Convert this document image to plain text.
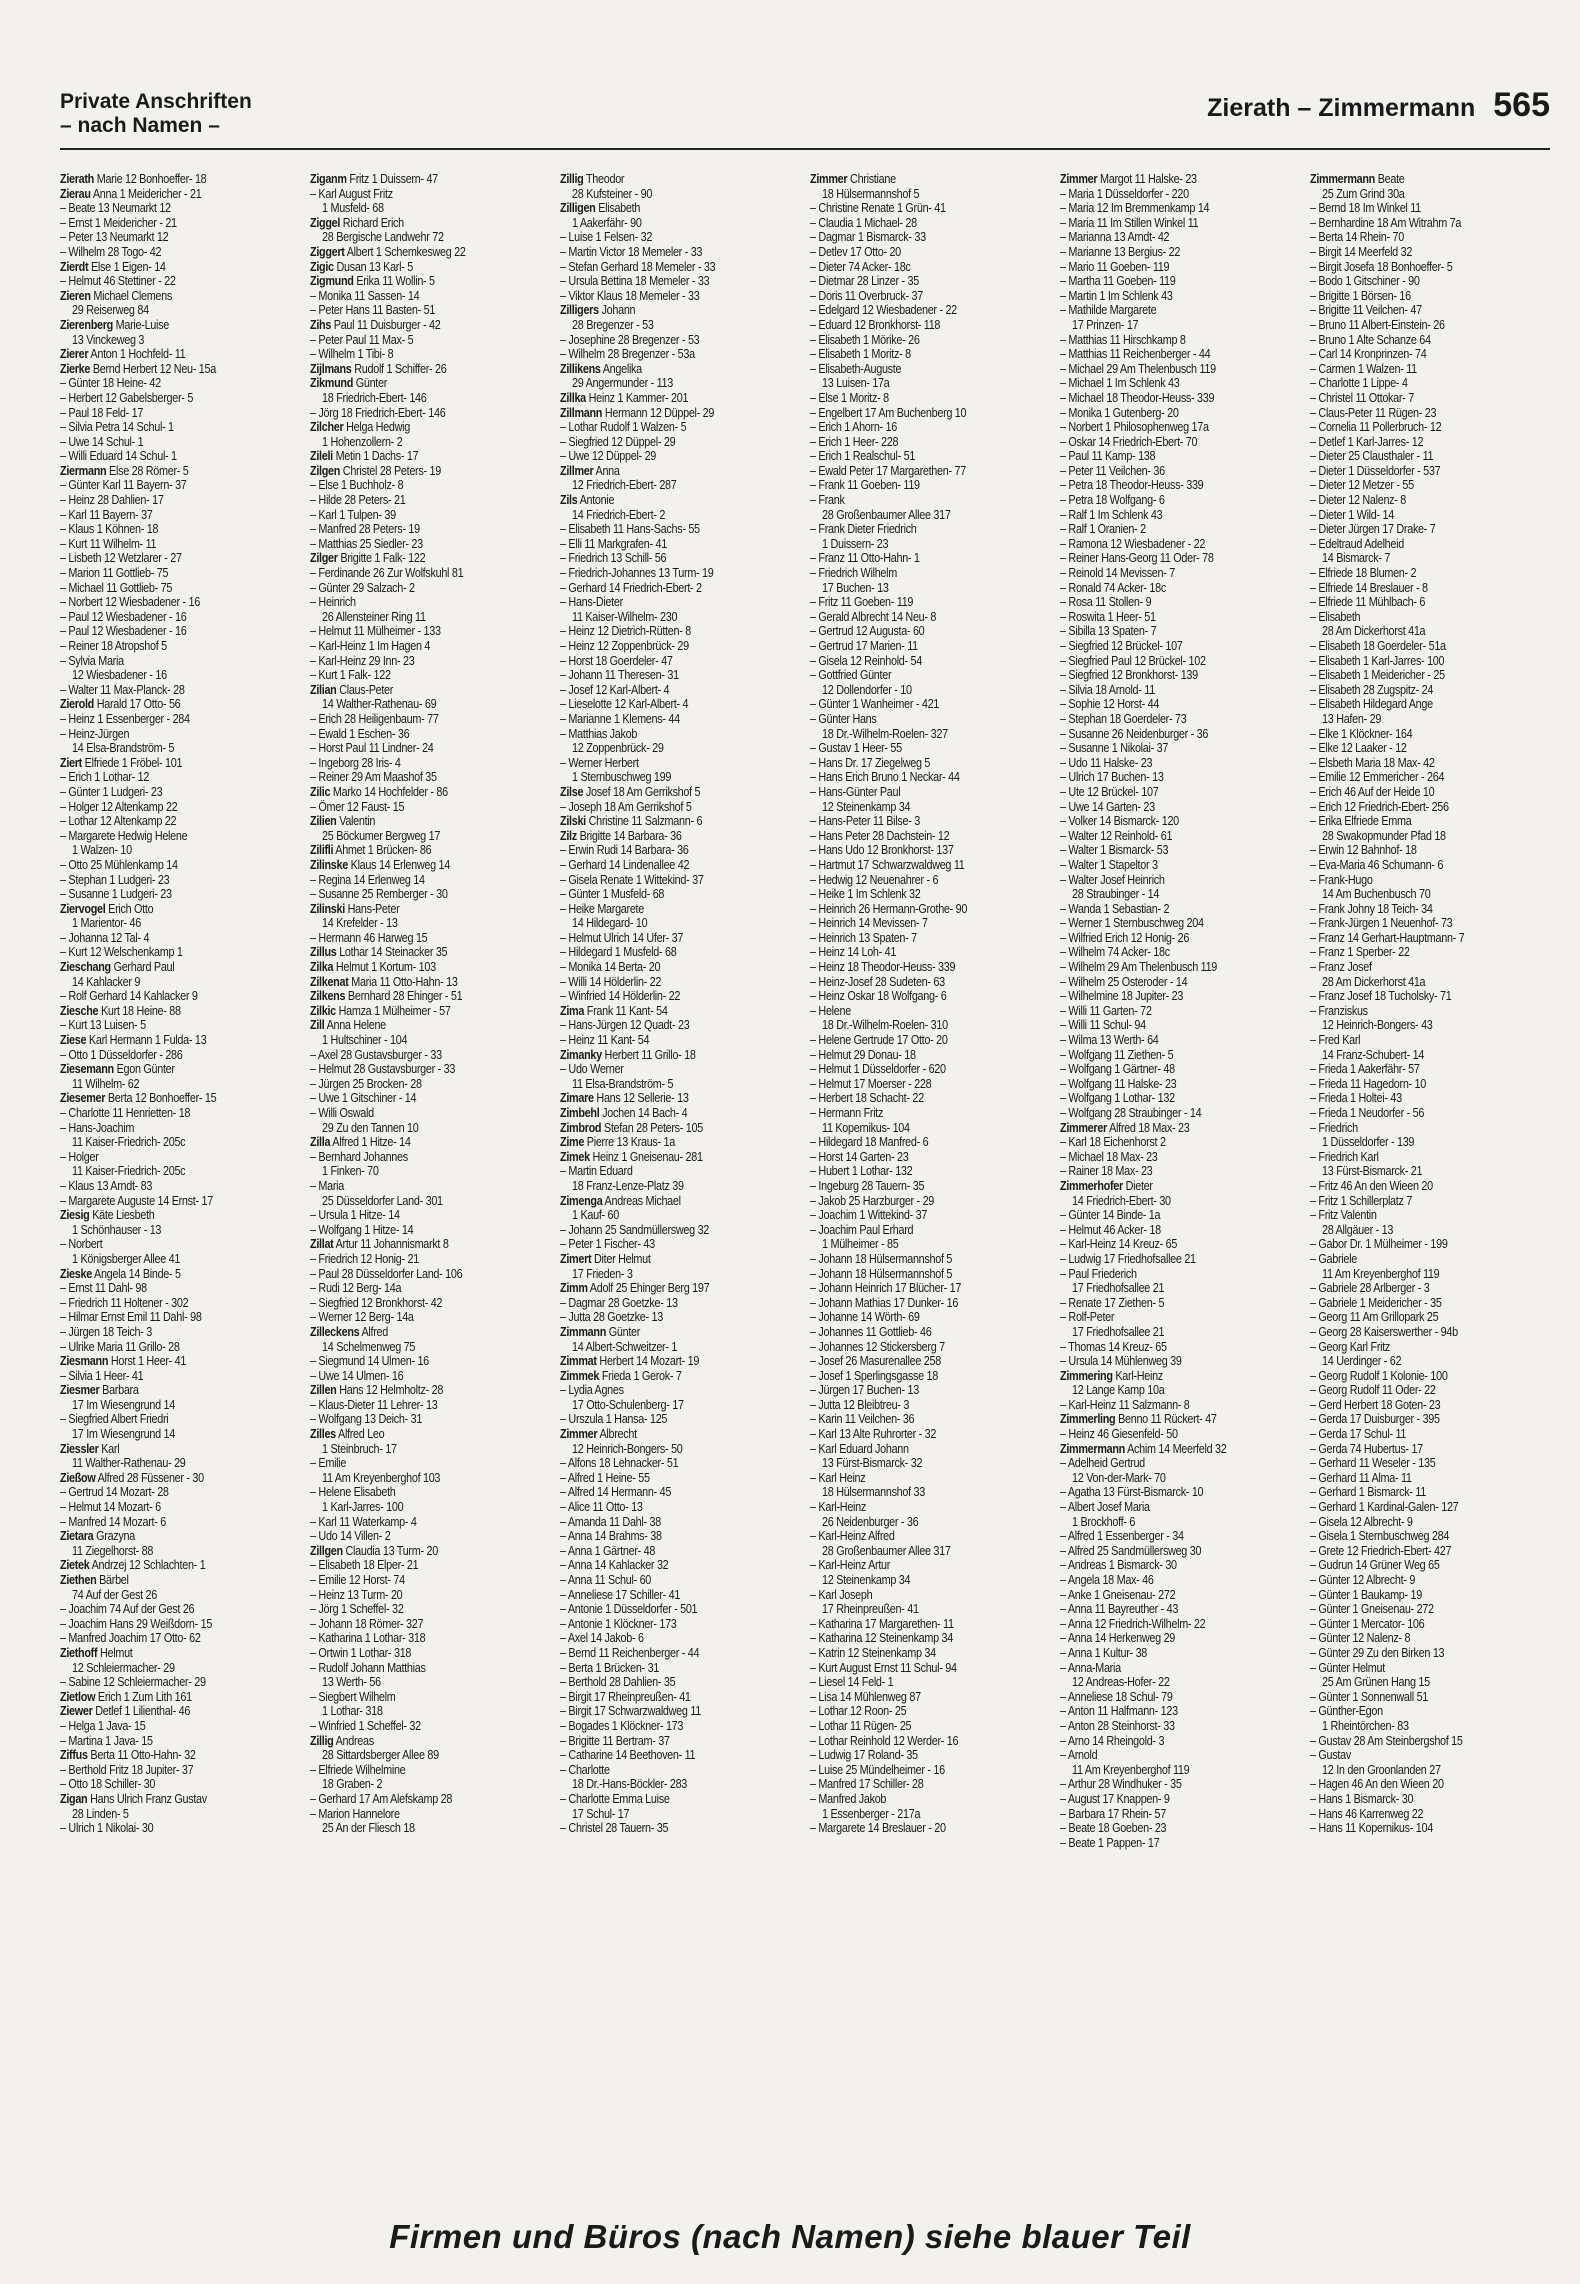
Private Anschriften
– nach Namen –
Zierath – Zimmermann 565
Zierath Marie 12 Bonhoeffer- 18
Zierau Anna 1 Meidericher - 21
– Beate 13 Neumarkt 12
– Ernst 1 Meidericher - 21
– Peter 13 Neumarkt 12
– Wilhelm 28 Togo- 42
Zierdt Else 1 Eigen- 14
– Helmut 46 Stettiner - 22
Zieren Michael Clemens
29 Reiserweg 84
Zierenberg Marie-Luise
13 Vinckeweg 3
Zierer Anton 1 Hochfeld- 11
Zierke Bernd Herbert 12 Neu- 15a
– Günter 18 Heine- 42
– Herbert 12 Gabelsberger- 5
– Paul 18 Feld- 17
– Silvia Petra 14 Schul- 1
– Uwe 14 Schul- 1
– Willi Eduard 14 Schul- 1
Ziermann Else 28 Römer- 5
– Günter Karl 11 Bayern- 37
– Heinz 28 Dahlien- 17
– Karl 11 Bayern- 37
– Klaus 1 Köhnen- 18
– Kurt 11 Wilhelm- 11
– Lisbeth 12 Wetzlarer - 27
– Marion 11 Gottlieb- 75
– Michael 11 Gottlieb- 75
– Norbert 12 Wiesbadener - 16
– Paul 12 Wiesbadener - 16
– Paul 12 Wiesbadener - 16
– Reiner 18 Atropshof 5
– Sylvia Maria
12 Wiesbadener - 16
– Walter 11 Max-Planck- 28
Zierold Harald 17 Otto- 56
– Heinz 1 Essenberger - 284
– Heinz-Jürgen
14 Elsa-Brandström- 5
Ziert Elfriede 1 Fröbel- 101
– Erich 1 Lothar- 12
– Günter 1 Ludgeri- 23
– Holger 12 Altenkamp 22
– Lothar 12 Altenkamp 22
– Margarete Hedwig Helene
1 Walzen- 10
– Otto 25 Mühlenkamp 14
– Stephan 1 Ludgeri- 23
– Susanne 1 Ludgeri- 23
Ziervogel Erich Otto
1 Marientor- 46
– Johanna 12 Tal- 4
– Kurt 12 Welschenkamp 1
Zieschang Gerhard Paul
14 Kahlacker 9
– Rolf Gerhard 14 Kahlacker 9
Ziesche Kurt 18 Heine- 88
– Kurt 13 Luisen- 5
Ziese Karl Hermann 1 Fulda- 13
– Otto 1 Düsseldorfer - 286
Ziesemann Egon Günter
11 Wilhelm- 62
Ziesemer Berta 12 Bonhoeffer- 15
– Charlotte 11 Henrietten- 18
– Hans-Joachim
11 Kaiser-Friedrich- 205c
– Holger
11 Kaiser-Friedrich- 205c
– Klaus 13 Arndt- 83
– Margarete Auguste 14 Ernst- 17
Ziesig Käte Liesbeth
1 Schönhauser - 13
– Norbert
1 Königsberger Allee 41
Zieske Angela 14 Binde- 5
– Ernst 11 Dahl- 98
– Friedrich 11 Holtener - 302
– Hilmar Ernst Emil 11 Dahl- 98
– Jürgen 18 Teich- 3
– Ulrike Maria 11 Grillo- 28
Ziesmann Horst 1 Heer- 41
– Silvia 1 Heer- 41
Ziesmer Barbara
17 Im Wiesengrund 14
– Siegfried Albert Friedri
17 Im Wiesengrund 14
Ziessler Karl
11 Walther-Rathenau- 29
Zießow Alfred 28 Füssener - 30
– Gertrud 14 Mozart- 28
– Helmut 14 Mozart- 6
– Manfred 14 Mozart- 6
Zietara Grazyna
11 Ziegelhorst- 88
Zietek Andrzej 12 Schlachten- 1
Ziethen Bärbel
74 Auf der Gest 26
– Joachim 74 Auf der Gest 26
– Joachim Hans 29 Weißdorn- 15
– Manfred Joachim 17 Otto- 62
Ziethoff Helmut
12 Schleiermacher- 29
– Sabine 12 Schleiermacher- 29
Zietlow Erich 1 Zum Lith 161
Ziewer Detlef 1 Lilienthal- 46
– Helga 1 Java- 15
– Martina 1 Java- 15
Ziffus Berta 11 Otto-Hahn- 32
– Berthold Fritz 18 Jupiter- 37
– Otto 18 Schiller- 30
Zigan Hans Ulrich Franz Gustav
28 Linden- 5
– Ulrich 1 Nikolai- 30
Ziganm Fritz 1 Duissern- 47
– Karl August Fritz
1 Musfeld- 68
Ziggel Richard Erich
28 Bergische Landwehr 72
Ziggert Albert 1 Schemkesweg 22
Zigic Dusan 13 Karl- 5
Zigmund Erika 11 Wollin- 5
– Monika 11 Sassen- 14
– Peter Hans 11 Basten- 51
Zihs Paul 11 Duisburger - 42
– Peter Paul 11 Max- 5
– Wilhelm 1 Tibi- 8
Zijlmans Rudolf 1 Schiffer- 26
Zikmund Günter
18 Friedrich-Ebert- 146
– Jörg 18 Friedrich-Ebert- 146
Zilcher Helga Hedwig
1 Hohenzollern- 2
Zileli Metin 1 Dachs- 17
Zilgen Christel 28 Peters- 19
– Else 1 Buchholz- 8
– Hilde 28 Peters- 21
– Karl 1 Tulpen- 39
– Manfred 28 Peters- 19
– Matthias 25 Siedler- 23
Zilger Brigitte 1 Falk- 122
– Ferdinande 26 Zur Wolfskuhl 81
– Günter 29 Salzach- 2
– Heinrich
26 Allensteiner Ring 11
– Helmut 11 Mülheimer - 133
– Karl-Heinz 1 Im Hagen 4
– Karl-Heinz 29 Inn- 23
– Kurt 1 Falk- 122
Zilian Claus-Peter
14 Walther-Rathenau- 69
– Erich 28 Heiligenbaum- 77
– Ewald 1 Eschen- 36
– Horst Paul 11 Lindner- 24
– Ingeborg 28 Iris- 4
– Reiner 29 Am Maashof 35
Zilic Marko 14 Hochfelder - 86
– Ömer 12 Faust- 15
Zilien Valentin
25 Böckumer Bergweg 17
Zilifli Ahmet 1 Brücken- 86
Zilinske Klaus 14 Erlenweg 14
– Regina 14 Erlenweg 14
– Susanne 25 Remberger - 30
Zilinski Hans-Peter
14 Krefelder - 13
– Hermann 46 Harweg 15
Zillus Lothar 14 Steinacker 35
Zilka Helmut 1 Kortum- 103
Zilkenat Maria 11 Otto-Hahn- 13
Zilkens Bernhard 28 Ehinger - 51
Zilkic Hamza 1 Mülheimer - 57
Zill Anna Helene
1 Hultschiner - 104
– Axel 28 Gustavsburger - 33
– Helmut 28 Gustavsburger - 33
– Jürgen 25 Brocken- 28
– Uwe 1 Gitschiner - 14
– Willi Oswald
29 Zu den Tannen 10
Zilla Alfred 1 Hitze- 14
– Bernhard Johannes
1 Finken- 70
– Maria
25 Düsseldorfer Land- 301
– Ursula 1 Hitze- 14
– Wolfgang 1 Hitze- 14
Zillat Artur 11 Johannismarkt 8
– Friedrich 12 Honig- 21
– Paul 28 Düsseldorfer Land- 106
– Rudi 12 Berg- 14a
– Siegfried 12 Bronkhorst- 42
– Werner 12 Berg- 14a
Zilleckens Alfred
14 Schelmenweg 75
– Siegmund 14 Ulmen- 16
– Uwe 14 Ulmen- 16
Zillen Hans 12 Helmholtz- 28
– Klaus-Dieter 11 Lehrer- 13
– Wolfgang 13 Deich- 31
Zilles Alfred Leo
1 Steinbruch- 17
– Emilie
11 Am Kreyenberghof 103
– Helene Elisabeth
1 Karl-Jarres- 100
– Karl 11 Waterkamp- 4
– Udo 14 Villen- 2
Zillgen Claudia 13 Turm- 20
– Elisabeth 18 Elper- 21
– Emilie 12 Horst- 74
– Heinz 13 Turm- 20
– Jörg 1 Scheffel- 32
– Johann 18 Römer- 327
– Katharina 1 Lothar- 318
– Ortwin 1 Lothar- 318
– Rudolf Johann Matthias
13 Werth- 56
– Siegbert Wilhelm
1 Lothar- 318
– Winfried 1 Scheffel- 32
Zillig Andreas
28 Sittardsberger Allee 89
– Elfriede Wilhelmine
18 Graben- 2
– Gerhard 17 Am Alefskamp 28
– Marion Hannelore
25 An der Fliesch 18
Zillig Theodor
28 Kufsteiner - 90
Zilligen Elisabeth
1 Aakerfähr- 90
– Luise 1 Felsen- 32
– Martin Victor 18 Memeler - 33
– Stefan Gerhard 18 Memeler - 33
– Ursula Bettina 18 Memeler - 33
– Viktor Klaus 18 Memeler - 33
Zilligers Johann
28 Bregenzer - 53
– Josephine 28 Bregenzer - 53
– Wilhelm 28 Bregenzer - 53a
Zillikens Angelika
29 Angermunder - 113
Zillka Heinz 1 Kammer- 201
Zillmann Hermann 12 Düppel- 29
– Lothar Rudolf 1 Walzen- 5
– Siegfried 12 Düppel- 29
– Uwe 12 Düppel- 29
Zillmer Anna
12 Friedrich-Ebert- 287
Zils Antonie
14 Friedrich-Ebert- 2
– Elisabeth 11 Hans-Sachs- 55
– Elli 11 Markgrafen- 41
– Friedrich 13 Schill- 56
– Friedrich-Johannes 13 Turm- 19
– Gerhard 14 Friedrich-Ebert- 2
– Hans-Dieter
11 Kaiser-Wilhelm- 230
– Heinz 12 Dietrich-Rütten- 8
– Heinz 12 Zoppenbrück- 29
– Horst 18 Goerdeler- 47
– Johann 11 Theresen- 31
– Josef 12 Karl-Albert- 4
– Lieselotte 12 Karl-Albert- 4
– Marianne 1 Klemens- 44
– Matthias Jakob
12 Zoppenbrück- 29
– Werner Herbert
1 Sternbuschweg 199
Zilse Josef 18 Am Gerrikshof 5
– Joseph 18 Am Gerrikshof 5
Zilski Christine 11 Salzmann- 6
Zilz Brigitte 14 Barbara- 36
– Erwin Rudi 14 Barbara- 36
– Gerhard 14 Lindenallee 42
– Gisela Renate 1 Wittekind- 37
– Günter 1 Musfeld- 68
– Heike Margarete
14 Hildegard- 10
– Helmut Ulrich 14 Ufer- 37
– Hildegard 1 Musfeld- 68
– Monika 14 Berta- 20
– Willi 14 Hölderlin- 22
– Winfried 14 Hölderlin- 22
Zima Frank 11 Kant- 54
– Hans-Jürgen 12 Quadt- 23
– Heinz 11 Kant- 54
Zimanky Herbert 11 Grillo- 18
– Udo Werner
11 Elsa-Brandström- 5
Zimare Hans 12 Sellerie- 13
Zimbehl Jochen 14 Bach- 4
Zimbrod Stefan 28 Peters- 105
Zime Pierre 13 Kraus- 1a
Zimek Heinz 1 Gneisenau- 281
– Martin Eduard
18 Franz-Lenze-Platz 39
Zimenga Andreas Michael
1 Kauf- 60
– Johann 25 Sandmüllersweg 32
– Peter 1 Fischer- 43
Zimert Diter Helmut
17 Frieden- 3
Zimm Adolf 25 Ehinger Berg 197
– Dagmar 28 Goetzke- 13
– Jutta 28 Goetzke- 13
Zimmann Günter
14 Albert-Schweitzer- 1
Zimmat Herbert 14 Mozart- 19
Zimmek Frieda 1 Gerok- 7
– Lydia Agnes
17 Otto-Schulenberg- 17
– Urszula 1 Hansa- 125
Zimmer Albrecht
12 Heinrich-Bongers- 50
– Alfons 18 Lehnacker- 51
– Alfred 1 Heine- 55
– Alfred 14 Hermann- 45
– Alice 11 Otto- 13
– Amanda 11 Dahl- 38
– Anna 14 Brahms- 38
– Anna 1 Gärtner- 48
– Anna 14 Kahlacker 32
– Anna 11 Schul- 60
– Anneliese 17 Schiller- 41
– Antonie 1 Düsseldorfer - 501
– Antonie 1 Klöckner- 173
– Axel 14 Jakob- 6
– Bernd 11 Reichenberger - 44
– Berta 1 Brücken- 31
– Berthold 28 Dahlien- 35
– Birgit 17 Rheinpreußen- 41
– Birgit 17 Schwarzwaldweg 11
– Bogades 1 Klöckner- 173
– Brigitte 11 Bertram- 37
– Catharine 14 Beethoven- 11
– Charlotte
18 Dr.-Hans-Böckler- 283
– Charlotte Emma Luise
17 Schul- 17
– Christel 28 Tauern- 35
Zimmer Christiane
18 Hülsermannshof 5
– Christine Renate 1 Grün- 41
– Claudia 1 Michael- 28
– Dagmar 1 Bismarck- 33
– Detlev 17 Otto- 20
– Dieter 74 Acker- 18c
– Dietmar 28 Linzer - 35
– Doris 11 Overbruck- 37
– Edelgard 12 Wiesbadener - 22
– Eduard 12 Bronkhorst- 118
– Elisabeth 1 Mörike- 26
– Elisabeth 1 Moritz- 8
– Elisabeth-Auguste
13 Luisen- 17a
– Else 1 Moritz- 8
– Engelbert 17 Am Buchenberg 10
– Erich 1 Ahorn- 16
– Erich 1 Heer- 228
– Erich 1 Realschul- 51
– Ewald Peter 17 Margarethen- 77
– Frank 11 Goeben- 119
– Frank
28 Großenbaumer Allee 317
– Frank Dieter Friedrich
1 Duissern- 23
– Franz 11 Otto-Hahn- 1
– Friedrich Wilhelm
17 Buchen- 13
– Fritz 11 Goeben- 119
– Gerald Albrecht 14 Neu- 8
– Gertrud 12 Augusta- 60
– Gertrud 17 Marien- 11
– Gisela 12 Reinhold- 54
– Gottfried Günter
12 Dollendorfer - 10
– Günter 1 Wanheimer - 421
– Günter Hans
18 Dr.-Wilhelm-Roelen- 327
– Gustav 1 Heer- 55
– Hans Dr. 17 Ziegelweg 5
– Hans Erich Bruno 1 Neckar- 44
– Hans-Günter Paul
12 Steinenkamp 34
– Hans-Peter 11 Bilse- 3
– Hans Peter 28 Dachstein- 12
– Hans Udo 12 Bronkhorst- 137
– Hartmut 17 Schwarzwaldweg 11
– Hedwig 12 Neuenahrer - 6
– Heike 1 Im Schlenk 32
– Heinrich 26 Hermann-Grothe- 90
– Heinrich 14 Mevissen- 7
– Heinrich 13 Spaten- 7
– Heinz 14 Loh- 41
– Heinz 18 Theodor-Heuss- 339
– Heinz-Josef 28 Sudeten- 63
– Heinz Oskar 18 Wolfgang- 6
– Helene
18 Dr.-Wilhelm-Roelen- 310
– Helene Gertrude 17 Otto- 20
– Helmut 29 Donau- 18
– Helmut 1 Düsseldorfer - 620
– Helmut 17 Moerser - 228
– Herbert 18 Schacht- 22
– Hermann Fritz
11 Kopernikus- 104
– Hildegard 18 Manfred- 6
– Horst 14 Garten- 23
– Hubert 1 Lothar- 132
– Ingeburg 28 Tauern- 35
– Jakob 25 Harzburger - 29
– Joachim 1 Wittekind- 37
– Joachim Paul Erhard
1 Mülheimer - 85
– Johann 18 Hülsermannshof 5
– Johann 18 Hülsermannshof 5
– Johann Heinrich 17 Blücher- 17
– Johann Mathias 17 Dunker- 16
– Johanne 14 Wörth- 69
– Johannes 11 Gottlieb- 46
– Johannes 12 Stickersberg 7
– Josef 26 Masurenallee 258
– Josef 1 Sperlingsgasse 18
– Jürgen 17 Buchen- 13
– Jutta 12 Bleibtreu- 3
– Karin 11 Veilchen- 36
– Karl 13 Alte Ruhrorter - 32
– Karl Eduard Johann
13 Fürst-Bismarck- 32
– Karl Heinz
18 Hülsermannshof 33
– Karl-Heinz
26 Neidenburger - 36
– Karl-Heinz Alfred
28 Großenbaumer Allee 317
– Karl-Heinz Artur
12 Steinenkamp 34
– Karl Joseph
17 Rheinpreußen- 41
– Katharina 17 Margarethen- 11
– Katharina 12 Steinenkamp 34
– Katrin 12 Steinenkamp 34
– Kurt August Ernst 11 Schul- 94
– Liesel 14 Feld- 1
– Lisa 14 Mühlenweg 87
– Lothar 12 Roon- 25
– Lothar 11 Rügen- 25
– Lothar Reinhold 12 Werder- 16
– Ludwig 17 Roland- 35
– Luise 25 Mündelheimer - 16
– Manfred 17 Schiller- 28
– Manfred Jakob
1 Essenberger - 217a
– Margarete 14 Breslauer - 20
Zimmer Margot 11 Halske- 23
– Maria 1 Düsseldorfer - 220
– Maria 12 Im Bremmenkamp 14
– Maria 11 Im Stillen Winkel 11
– Marianna 13 Arndt- 42
– Marianne 13 Bergius- 22
– Mario 11 Goeben- 119
– Martha 11 Goeben- 119
– Martin 1 Im Schlenk 43
– Mathilde Margarete
17 Prinzen- 17
– Matthias 11 Hirschkamp 8
– Matthias 11 Reichenberger - 44
– Michael 29 Am Thelenbusch 119
– Michael 1 Im Schlenk 43
– Michael 18 Theodor-Heuss- 339
– Monika 1 Gutenberg- 20
– Norbert 1 Philosophenweg 17a
– Oskar 14 Friedrich-Ebert- 70
– Paul 11 Kamp- 138
– Peter 11 Veilchen- 36
– Petra 18 Theodor-Heuss- 339
– Petra 18 Wolfgang- 6
– Ralf 1 Im Schlenk 43
– Ralf 1 Oranien- 2
– Ramona 12 Wiesbadener - 22
– Reiner Hans-Georg 11 Oder- 78
– Reinold 14 Mevissen- 7
– Ronald 74 Acker- 18c
– Rosa 11 Stollen- 9
– Roswita 1 Heer- 51
– Sibilla 13 Spaten- 7
– Siegfried 12 Brückel- 107
– Siegfried Paul 12 Brückel- 102
– Siegfried 12 Bronkhorst- 139
– Silvia 18 Arnold- 11
– Sophie 12 Horst- 44
– Stephan 18 Goerdeler- 73
– Susanne 26 Neidenburger - 36
– Susanne 1 Nikolai- 37
– Udo 11 Halske- 23
– Ulrich 17 Buchen- 13
– Ute 12 Brückel- 107
– Uwe 14 Garten- 23
– Volker 14 Bismarck- 120
– Walter 12 Reinhold- 61
– Walter 1 Bismarck- 53
– Walter 1 Stapeltor 3
– Walter Josef Heinrich
28 Straubinger - 14
– Wanda 1 Sebastian- 2
– Werner 1 Sternbuschweg 204
– Wilfried Erich 12 Honig- 26
– Wilhelm 74 Acker- 18c
– Wilhelm 29 Am Thelenbusch 119
– Wilhelm 25 Osteroder - 14
– Wilhelmine 18 Jupiter- 23
– Willi 11 Garten- 72
– Willi 11 Schul- 94
– Wilma 13 Werth- 64
– Wolfgang 11 Ziethen- 5
– Wolfgang 1 Gärtner- 48
– Wolfgang 11 Halske- 23
– Wolfgang 1 Lothar- 132
– Wolfgang 28 Straubinger - 14
Zimmerer Alfred 18 Max- 23
– Karl 18 Eichenhorst 2
– Michael 18 Max- 23
– Rainer 18 Max- 23
Zimmerhofer Dieter
14 Friedrich-Ebert- 30
– Günter 14 Binde- 1a
– Helmut 46 Acker- 18
– Karl-Heinz 14 Kreuz- 65
– Ludwig 17 Friedhofsallee 21
– Paul Friederich
17 Friedhofsallee 21
– Renate 17 Ziethen- 5
– Rolf-Peter
17 Friedhofsallee 21
– Thomas 14 Kreuz- 65
– Ursula 14 Mühlenweg 39
Zimmering Karl-Heinz
12 Lange Kamp 10a
– Karl-Heinz 11 Salzmann- 8
Zimmerling Benno 11 Rückert- 47
– Heinz 46 Giesenfeld- 50
Zimmermann Achim 14 Meerfeld 32
– Adelheid Gertrud
12 Von-der-Mark- 70
– Agatha 13 Fürst-Bismarck- 10
– Albert Josef Maria
1 Brockhoff- 6
– Alfred 1 Essenberger - 34
– Alfred 25 Sandmüllersweg 30
– Andreas 1 Bismarck- 30
– Angela 18 Max- 46
– Anke 1 Gneisenau- 272
– Anna 11 Bayreuther - 43
– Anna 12 Friedrich-Wilhelm- 22
– Anna 14 Herkenweg 29
– Anna 1 Kultur- 38
– Anna-Maria
12 Andreas-Hofer- 22
– Anneliese 18 Schul- 79
– Anton 11 Halfmann- 123
– Anton 28 Steinhorst- 33
– Arno 14 Rheingold- 3
– Arnold
11 Am Kreyenberghof 119
– Arthur 28 Windhuker - 35
– August 17 Knappen- 9
– Barbara 17 Rhein- 57
– Beate 18 Goeben- 23
– Beate 1 Pappen- 17
Zimmermann Beate
25 Zum Grind 30a
– Bernd 18 Im Winkel 11
– Bernhardine 18 Am Witrahm 7a
– Berta 14 Rhein- 70
– Birgit 14 Meerfeld 32
– Birgit Josefa 18 Bonhoeffer- 5
– Bodo 1 Gitschiner - 90
– Brigitte 1 Börsen- 16
– Brigitte 11 Veilchen- 47
– Bruno 11 Albert-Einstein- 26
– Bruno 1 Alte Schanze 64
– Carl 14 Kronprinzen- 74
– Carmen 1 Walzen- 11
– Charlotte 1 Lippe- 4
– Christel 11 Ottokar- 7
– Claus-Peter 11 Rügen- 23
– Cornelia 11 Pollerbruch- 12
– Detlef 1 Karl-Jarres- 12
– Dieter 25 Clausthaler - 11
– Dieter 1 Düsseldorfer - 537
– Dieter 12 Metzer - 55
– Dieter 12 Nalenz- 8
– Dieter 1 Wild- 14
– Dieter Jürgen 17 Drake- 7
– Edeltraud Adelheid
14 Bismarck- 7
– Elfriede 18 Blumen- 2
– Elfriede 14 Breslauer - 8
– Elfriede 11 Mühlbach- 6
– Elisabeth
28 Am Dickerhorst 41a
– Elisabeth 18 Goerdeler- 51a
– Elisabeth 1 Karl-Jarres- 100
– Elisabeth 1 Meidericher - 25
– Elisabeth 28 Zugspitz- 24
– Elisabeth Hildegard Ange
13 Hafen- 29
– Elke 1 Klöckner- 164
– Elke 12 Laaker - 12
– Elsbeth Maria 18 Max- 42
– Emilie 12 Emmericher - 264
– Erich 46 Auf der Heide 10
– Erich 12 Friedrich-Ebert- 256
– Erika Elfriede Emma
28 Swakopmunder Pfad 18
– Erwin 12 Bahnhof- 18
– Eva-Maria 46 Schumann- 6
– Frank-Hugo
14 Am Buchenbusch 70
– Frank Johny 18 Teich- 34
– Frank-Jürgen 1 Neuenhof- 73
– Franz 14 Gerhart-Hauptmann- 7
– Franz 1 Sperber- 22
– Franz Josef
28 Am Dickerhorst 41a
– Franz Josef 18 Tucholsky- 71
– Franziskus
12 Heinrich-Bongers- 43
– Fred Karl
14 Franz-Schubert- 14
– Frieda 1 Aakerfähr- 57
– Frieda 11 Hagedorn- 10
– Frieda 1 Holtei- 43
– Frieda 1 Neudorfer - 56
– Friedrich
1 Düsseldorfer - 139
– Friedrich Karl
13 Fürst-Bismarck- 21
– Fritz 46 An den Wieen 20
– Fritz 1 Schillerplatz 7
– Fritz Valentin
28 Allgäuer - 13
– Gabor Dr. 1 Mülheimer - 199
– Gabriele
11 Am Kreyenberghof 119
– Gabriele 28 Arlberger - 3
– Gabriele 1 Meidericher - 35
– Georg 11 Am Grillopark 25
– Georg 28 Kaiserswerther - 94b
– Georg Karl Fritz
14 Uerdinger - 62
– Georg Rudolf 1 Kolonie- 100
– Georg Rudolf 11 Oder- 22
– Gerd Herbert 18 Goten- 23
– Gerda 17 Duisburger - 395
– Gerda 17 Schul- 11
– Gerda 74 Hubertus- 17
– Gerhard 11 Weseler - 135
– Gerhard 11 Alma- 11
– Gerhard 1 Bismarck- 11
– Gerhard 1 Kardinal-Galen- 127
– Gisela 12 Albrecht- 9
– Gisela 1 Sternbuschweg 284
– Grete 12 Friedrich-Ebert- 427
– Gudrun 14 Grüner Weg 65
– Günter 12 Albrecht- 9
– Günter 1 Baukamp- 19
– Günter 1 Gneisenau- 272
– Günter 1 Mercator- 106
– Günter 12 Nalenz- 8
– Günter 29 Zu den Birken 13
– Günter Helmut
25 Am Grünen Hang 15
– Günter 1 Sonnenwall 51
– Günther-Egon
1 Rheintörchen- 83
– Gustav 28 Am Steinbergshof 15
– Gustav
12 In den Groonlanden 27
– Hagen 46 An den Wieen 20
– Hans 1 Bismarck- 30
– Hans 46 Karrenweg 22
– Hans 11 Kopernikus- 104
Firmen und Büros (nach Namen) siehe blauer Teil
